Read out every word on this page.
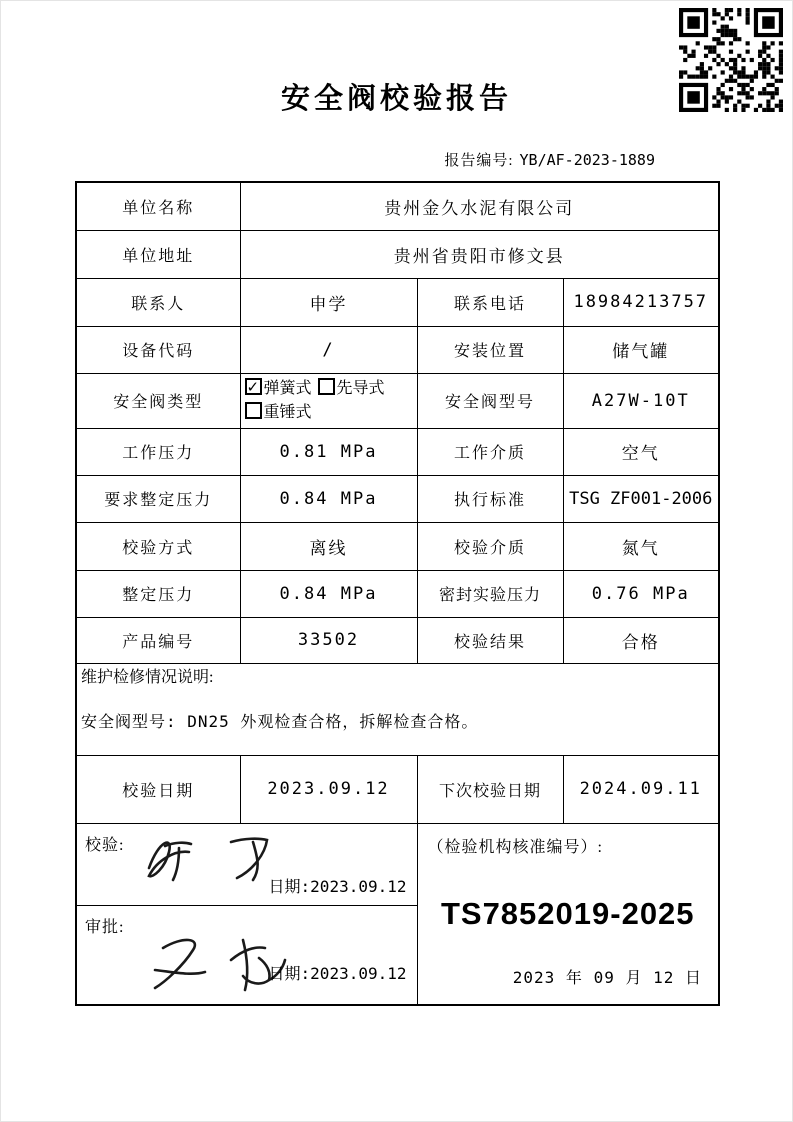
安全阀校验报告
报告编号: YB/AF-2023-1889
单位名称	贵州金久水泥有限公司		
单位地址	贵州省贵阳市修文县		
联系人	申学	联系电话	18984213757
设备代码	/	安装位置	储气罐
安全阀类型	✓弹簧式 先导式重锤式	安全阀型号	A27W-10T
工作压力	0.81 MPa	工作介质	空气
要求整定压力	0.84 MPa	执行标准	TSG ZF001-2006
校验方式	离线	校验介质	氮气
整定压力	0.84 MPa	密封实验压力	0.76 MPa
产品编号	33502	校验结果	合格

维护检修情况说明:
安全阀型号: DN25 外观检查合格，拆解检查合格。			

校验日期	2023.09.12	下次校验日期	2024.09.11

校验:
日期:2023.09.12

（检验机构核准编号）:
TS7852019-2025
2023 年 09 月 12 日

审批:
日期:2023.09.12			
